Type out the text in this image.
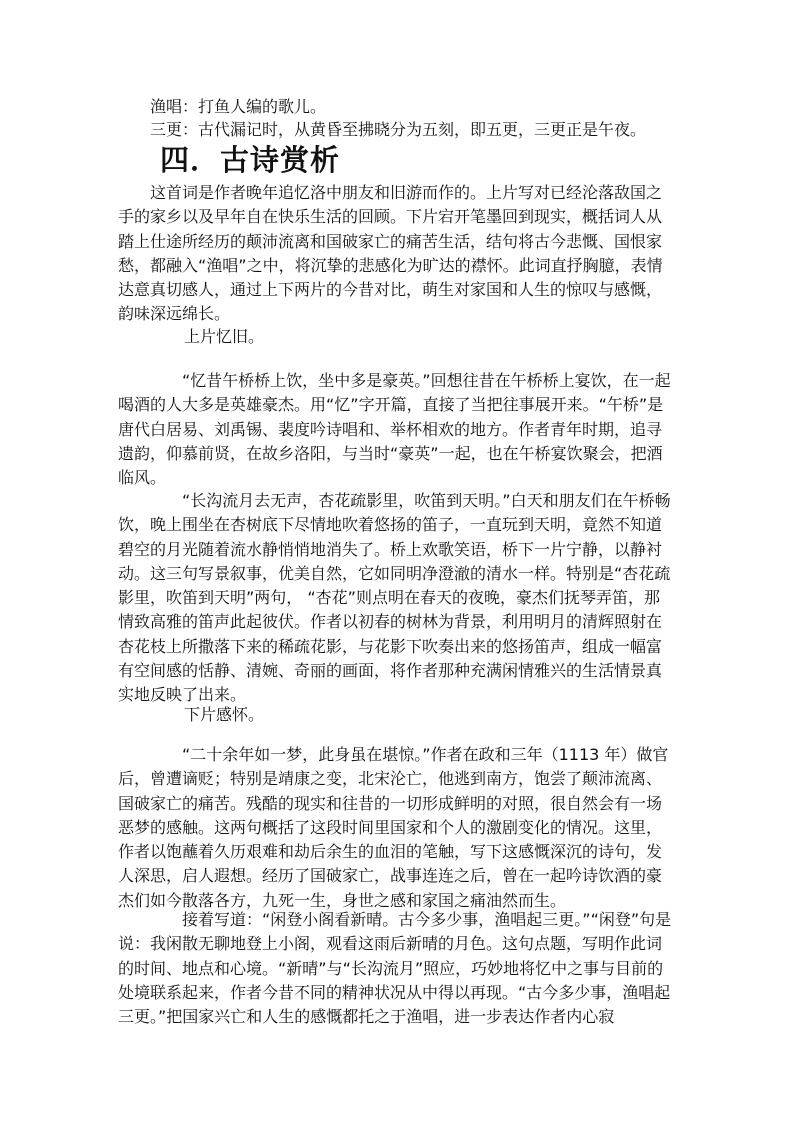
渔唱：打鱼人编的歌儿。
三更：古代漏记时，从黄昏至拂晓分为五刻，即五更，三更正是午夜。
四．古诗赏析

这首词是作者晚年追忆洛中朋友和旧游而作的。上片写对已经沦落敌国之手的家乡以及早年自在快乐生活的回顾。下片宕开笔墨回到现实，概括词人从踏上仕途所经历的颠沛流离和国破家亡的痛苦生活，结句将古今悲慨、国恨家愁，都融入“渔唱”之中，将沉挚的悲感化为旷达的襟怀。此词直抒胸臆，表情达意真切感人，通过上下两片的今昔对比，萌生对家国和人生的惊叹与感慨，韵味深远绵长。

上片忆旧。

“忆昔午桥桥上饮，坐中多是豪英。”回想往昔在午桥桥上宴饮，在一起喝酒的人大多是英雄豪杰。用“忆”字开篇，直接了当把往事展开来。“午桥”是唐代白居易、刘禹锡、裴度吟诗唱和、举杯相欢的地方。作者青年时期，追寻遗韵，仰慕前贤，在故乡洛阳，与当时“豪英”一起，也在午桥宴饮聚会，把酒临风。

“长沟流月去无声，杏花疏影里，吹笛到天明。”白天和朋友们在午桥畅饮，晚上围坐在杏树底下尽情地吹着悠扬的笛子，一直玩到天明，竟然不知道碧空的月光随着流水静悄悄地消失了。桥上欢歌笑语，桥下一片宁静，以静衬动。这三句写景叙事，优美自然，它如同明净澄澈的清水一样。特别是“杏花疏影里，吹笛到天明”两句， “杏花”则点明在春天的夜晚，豪杰们抚琴弄笛，那情致高雅的笛声此起彼伏。作者以初春的树林为背景，利用明月的清辉照射在杏花枝上所撒落下来的稀疏花影，与花影下吹奏出来的悠扬笛声，组成一幅富有空间感的恬静、清婉、奇丽的画面，将作者那种充满闲情雅兴的生活情景真实地反映了出来。

下片感怀。

“二十余年如一梦，此身虽在堪惊。”作者在政和三年（1113 年）做官后，曾遭谪贬；特别是靖康之变，北宋沦亡，他逃到南方，饱尝了颠沛流离、国破家亡的痛苦。残酷的现实和往昔的一切形成鲜明的对照，很自然会有一场恶梦的感触。这两句概括了这段时间里国家和个人的激剧变化的情况。这里，作者以饱蘸着久历艰难和劫后余生的血泪的笔触，写下这感慨深沉的诗句，发人深思，启人遐想。经历了国破家亡，战事连连之后，曾在一起吟诗饮酒的豪杰们如今散落各方，九死一生，身世之感和家国之痛油然而生。

接着写道：“闲登小阁看新晴。古今多少事，渔唱起三更。”“闲登”句是说：我闲散无聊地登上小阁，观看这雨后新晴的月色。这句点题，写明作此词的时间、地点和心境。“新晴”与“长沟流月”照应，巧妙地将忆中之事与目前的处境联系起来，作者今昔不同的精神状况从中得以再现。“古今多少事，渔唱起三更。”把国家兴亡和人生的感慨都托之于渔唱，进一步表达作者内心寂
